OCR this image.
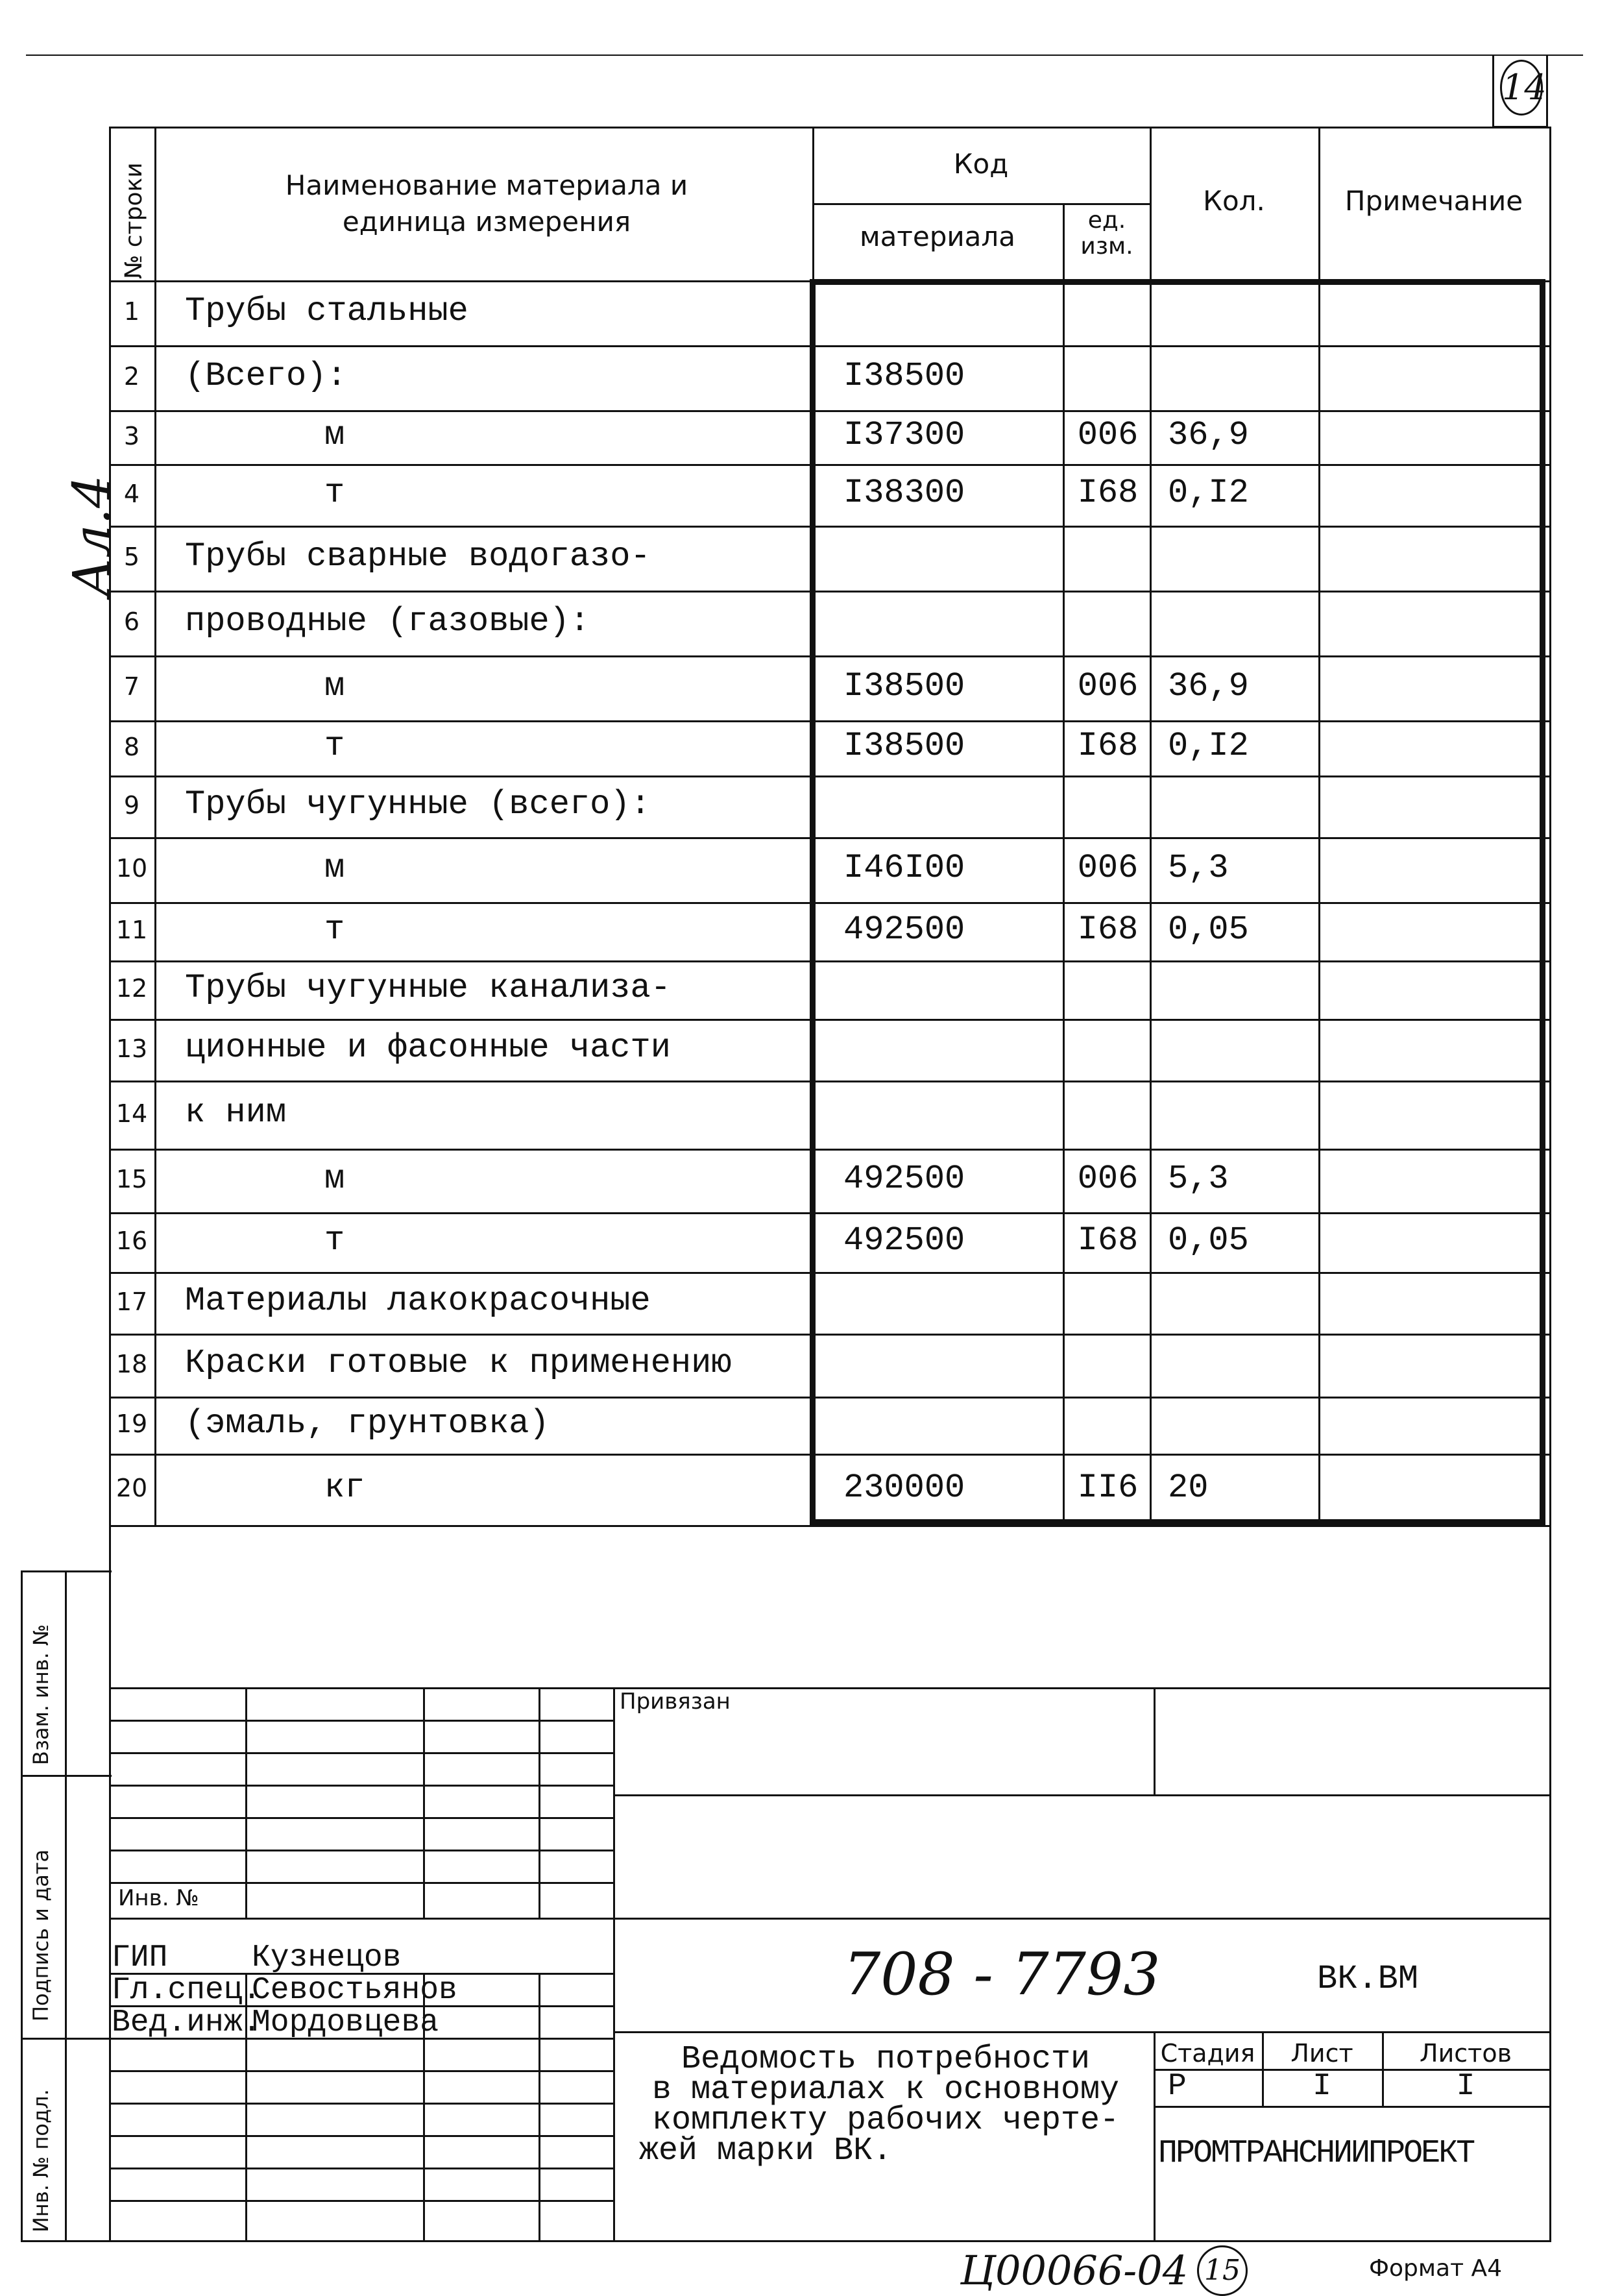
14
Ал.4
№ строки	Наименование материала и единица измерения
Код
материала
ед. изм.
Кол.	Примечание
1	Трубы стальные
2	(Всего):	I38500
3	м	I37300	006 36,9
4	т	I38300	I68 0,I2
5	Трубы сварные водогазо-
6	проводные (газовые):
7	м	I38500	006 36,9
8	т	I38500	I68 0,I2
9	Трубы чугунные (всего):
10	м	I46I00	006 5,3
11	т	492500	I68 0,05
12 Трубы чугунные канализа-
13 ционные и фасонные части
14 к ним
15	м	492500	006 5,3
16	т	492500	I68 0,05
17 Материалы лакокрасочные
18 Краски готовые к применению
19 (эмаль, грунтовка)
20	кг	230000	II6 20
Взам. инв. №
Подпись и дата
Инв. № подл.
Инв. №
Привязан
ГИП	Кузнецов
Гл.спец.
Севостьянов
Вед.инж.
Мордовцева
708 - 7793	ВК.ВМ
Ведомость потребности
в материалах к основному
комплекту рабочих черте-
жей марки ВК.
Стадия	Лист	Листов
Р	I	I
ПРОМТРАНСНИИПРОЕКТ
Ц00066-04 15	Формат А4
